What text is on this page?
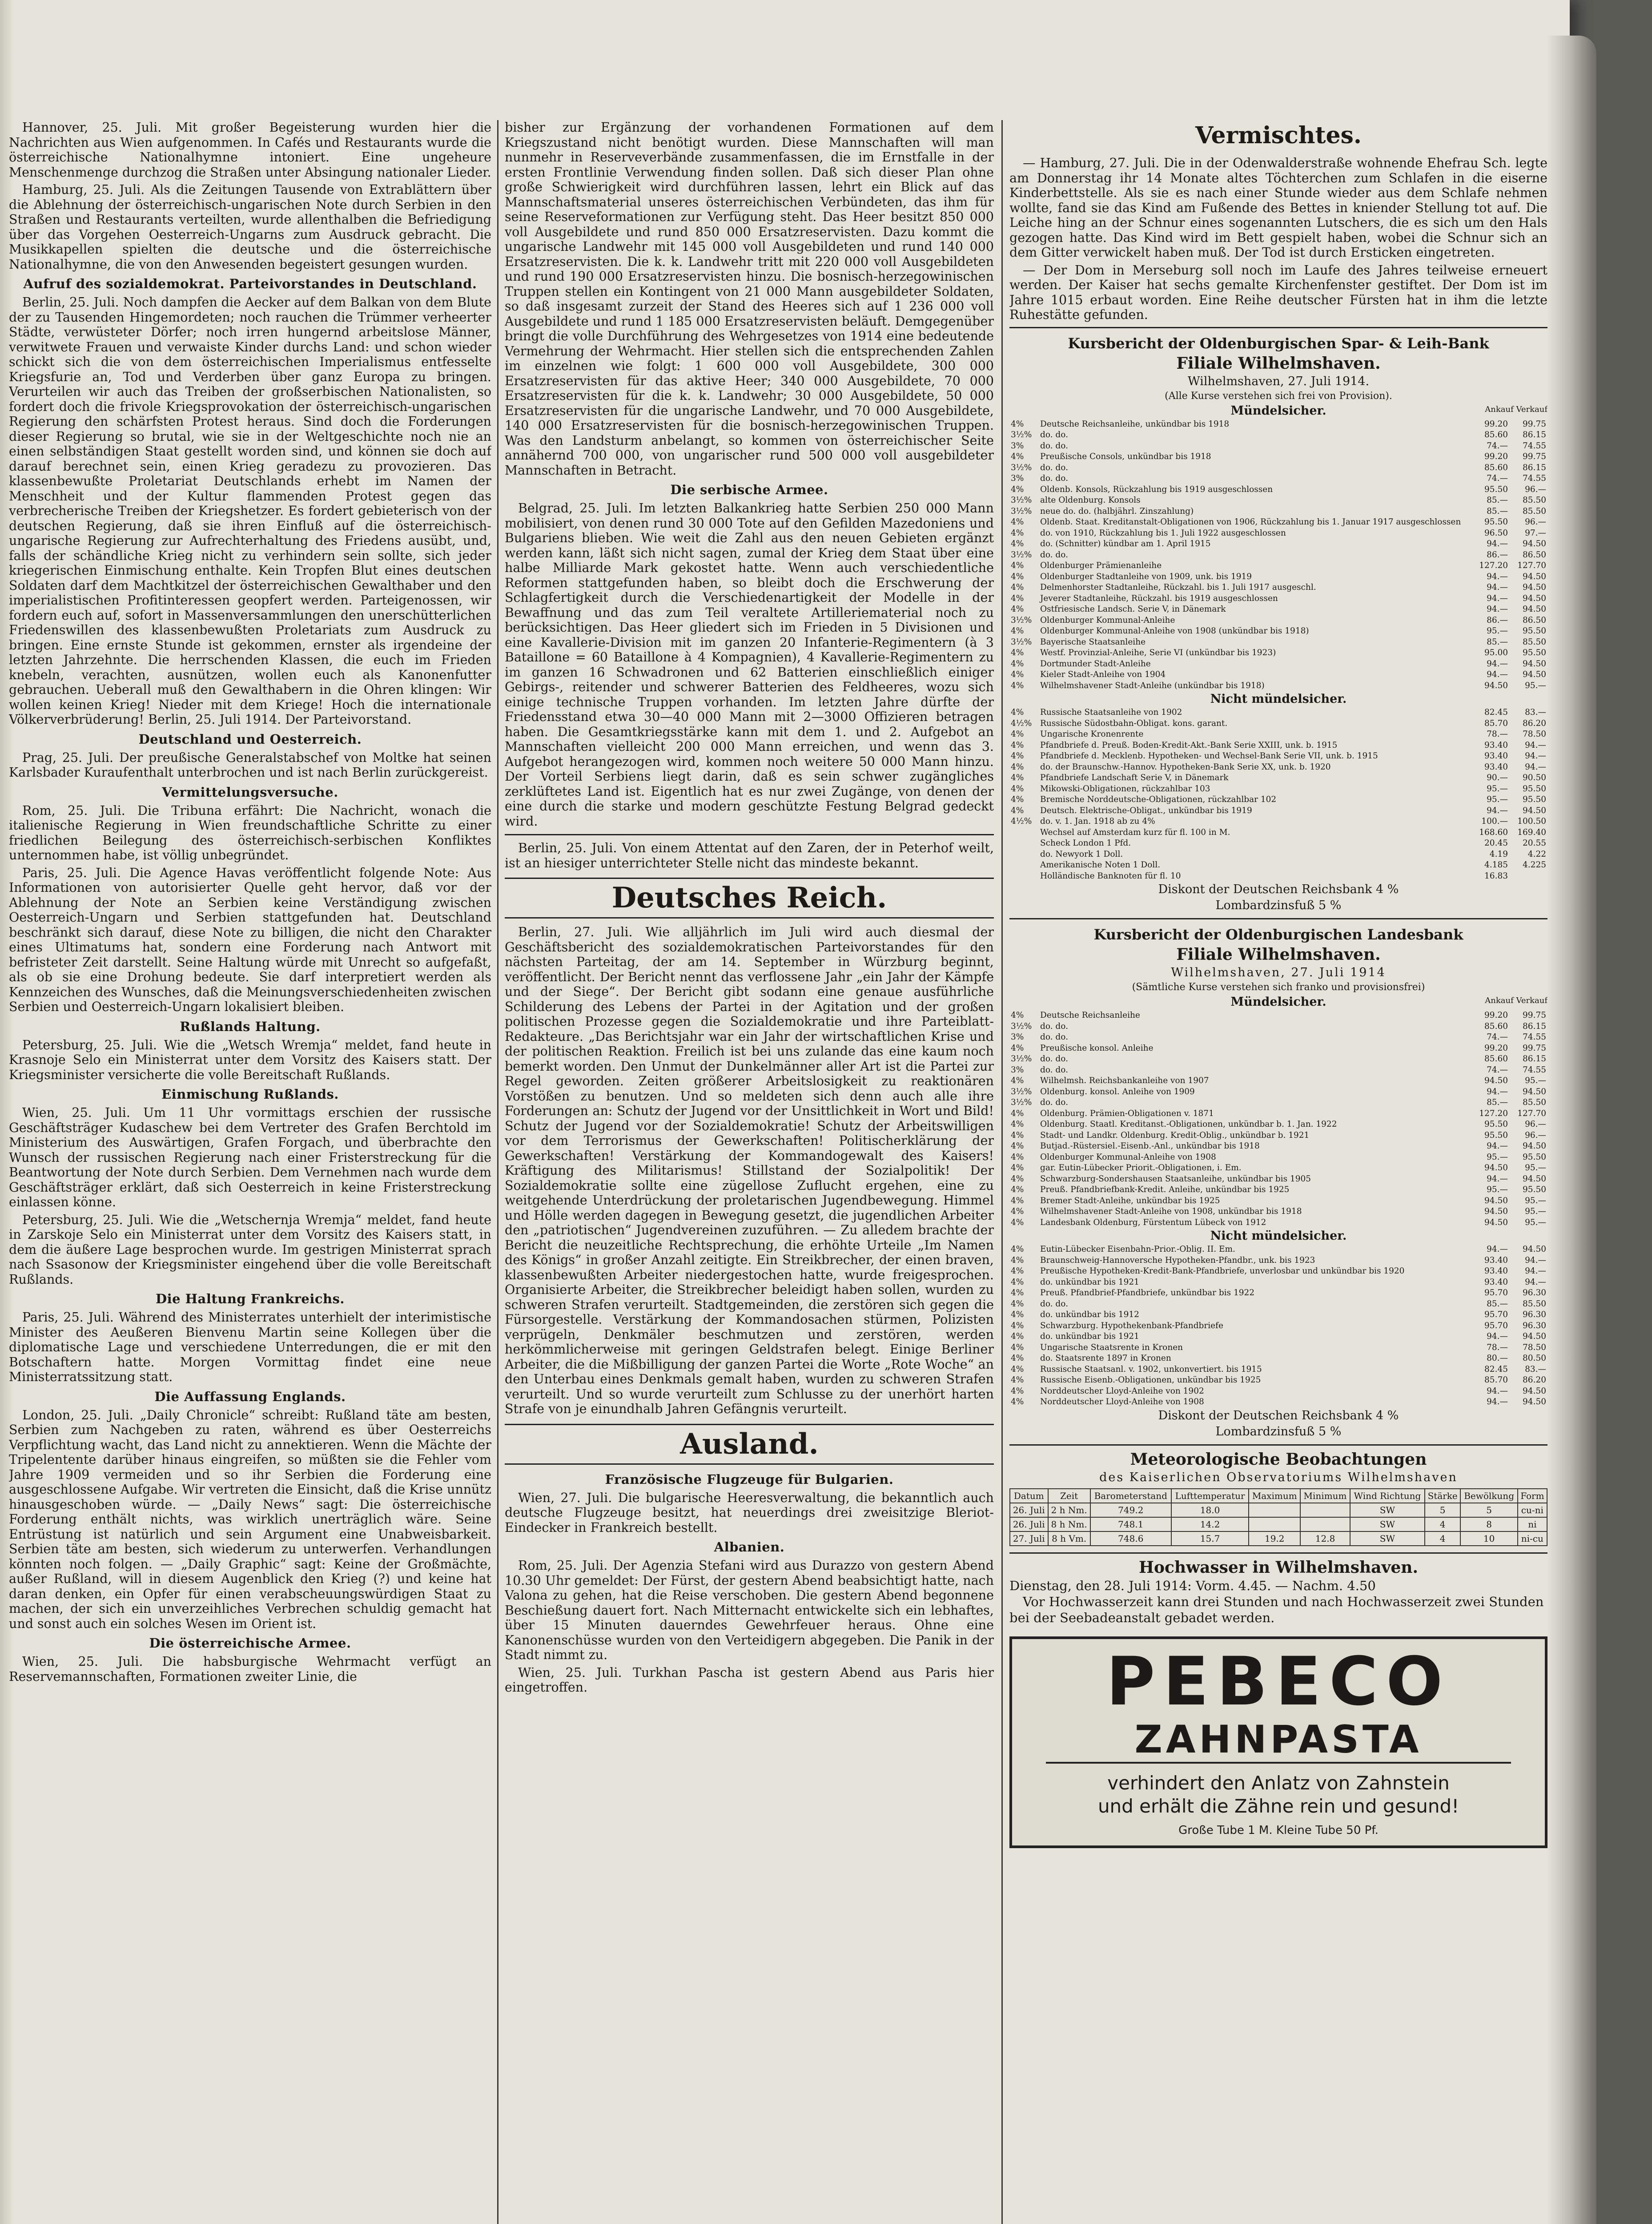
Hannover, 25. Juli. Mit großer Begeisterung wurden hier die Nachrichten aus Wien aufgenommen. In Cafés und Restaurants wurde die österreichische Nationalhymne intoniert. Eine ungeheure Menschenmenge durchzog die Straßen unter Absingung nationaler Lieder.

Hamburg, 25. Juli. Als die Zeitungen Tausende von Extrablättern über die Ablehnung der österreichisch-ungarischen Note durch Serbien in den Straßen und Restaurants verteilten, wurde allenthalben die Befriedigung über das Vorgehen Oesterreich-Ungarns zum Ausdruck gebracht. Die Musikkapellen spielten die deutsche und die österreichische Nationalhymne, die von den Anwesenden begeistert gesungen wurden.

Aufruf des sozialdemokrat. Parteivorstandes in Deutschland.

Berlin, 25. Juli. Noch dampfen die Aecker auf dem Balkan von dem Blute der zu Tausenden Hingemordeten; noch rauchen die Trümmer verheerter Städte, verwüsteter Dörfer; noch irren hungernd arbeitslose Männer, verwitwete Frauen und verwaiste Kinder durchs Land: und schon wieder schickt sich die von dem österreichischen Imperialismus entfesselte Kriegsfurie an, Tod und Verderben über ganz Europa zu bringen. Verurteilen wir auch das Treiben der großserbischen Nationalisten, so fordert doch die frivole Kriegsprovokation der österreichisch-ungarischen Regierung den schärfsten Protest heraus. Sind doch die Forderungen dieser Regierung so brutal, wie sie in der Weltgeschichte noch nie an einen selbständigen Staat gestellt worden sind, und können sie doch auf darauf berechnet sein, einen Krieg geradezu zu provozieren. Das klassenbewußte Proletariat Deutschlands erhebt im Namen der Menschheit und der Kultur flammenden Protest gegen das verbrecherische Treiben der Kriegshetzer. Es fordert gebieterisch von der deutschen Regierung, daß sie ihren Einfluß auf die österreichisch-ungarische Regierung zur Aufrechterhaltung des Friedens ausübt, und, falls der schändliche Krieg nicht zu verhindern sein sollte, sich jeder kriegerischen Einmischung enthalte. Kein Tropfen Blut eines deutschen Soldaten darf dem Machtkitzel der österreichischen Gewalthaber und den imperialistischen Profitinteressen geopfert werden. Parteigenossen, wir fordern euch auf, sofort in Massenversammlungen den unerschütterlichen Friedenswillen des klassenbewußten Proletariats zum Ausdruck zu bringen. Eine ernste Stunde ist gekommen, ernster als irgendeine der letzten Jahrzehnte. Die herrschenden Klassen, die euch im Frieden knebeln, verachten, ausnützen, wollen euch als Kanonenfutter gebrauchen. Ueberall muß den Gewalthabern in die Ohren klingen: Wir wollen keinen Krieg! Nieder mit dem Kriege! Hoch die internationale Völkerverbrüderung! Berlin, 25. Juli 1914. Der Parteivorstand.

Deutschland und Oesterreich.

Prag, 25. Juli. Der preußische Generalstabschef von Moltke hat seinen Karlsbader Kuraufenthalt unterbrochen und ist nach Berlin zurückgereist.

Vermittelungsversuche.

Rom, 25. Juli. Die Tribuna erfährt: Die Nachricht, wonach die italienische Regierung in Wien freundschaftliche Schritte zu einer friedlichen Beilegung des österreichisch-serbischen Konfliktes unternommen habe, ist völlig unbegründet.

Paris, 25. Juli. Die Agence Havas veröffentlicht folgende Note: Aus Informationen von autorisierter Quelle geht hervor, daß vor der Ablehnung der Note an Serbien keine Verständigung zwischen Oesterreich-Ungarn und Serbien stattgefunden hat. Deutschland beschränkt sich darauf, diese Note zu billigen, die nicht den Charakter eines Ultimatums hat, sondern eine Forderung nach Antwort mit befristeter Zeit darstellt. Seine Haltung würde mit Unrecht so aufgefaßt, als ob sie eine Drohung bedeute. Sie darf interpretiert werden als Kennzeichen des Wunsches, daß die Meinungsverschiedenheiten zwischen Serbien und Oesterreich-Ungarn lokalisiert bleiben.

Rußlands Haltung.

Petersburg, 25. Juli. Wie die „Wetsch Wremja“ meldet, fand heute in Krasnoje Selo ein Ministerrat unter dem Vorsitz des Kaisers statt. Der Kriegsminister versicherte die volle Bereitschaft Rußlands.

Einmischung Rußlands.

Wien, 25. Juli. Um 11 Uhr vormittags erschien der russische Geschäftsträger Kudaschew bei dem Vertreter des Grafen Berchtold im Ministerium des Auswärtigen, Grafen Forgach, und überbrachte den Wunsch der russischen Regierung nach einer Fristerstreckung für die Beantwortung der Note durch Serbien. Dem Vernehmen nach wurde dem Geschäftsträger erklärt, daß sich Oesterreich in keine Fristerstreckung einlassen könne.

Petersburg, 25. Juli. Wie die „Wetschernja Wremja“ meldet, fand heute in Zarskoje Selo ein Ministerrat unter dem Vorsitz des Kaisers statt, in dem die äußere Lage besprochen wurde. Im gestrigen Ministerrat sprach nach Ssasonow der Kriegsminister eingehend über die volle Bereitschaft Rußlands.

Die Haltung Frankreichs.

Paris, 25. Juli. Während des Ministerrates unterhielt der interimistische Minister des Aeußeren Bienvenu Martin seine Kollegen über die diplomatische Lage und verschiedene Unterredungen, die er mit den Botschaftern hatte. Morgen Vormittag findet eine neue Ministerratssitzung statt.

Die Auffassung Englands.

London, 25. Juli. „Daily Chronicle“ schreibt: Rußland täte am besten, Serbien zum Nachgeben zu raten, während es über Oesterreichs Verpflichtung wacht, das Land nicht zu annektieren. Wenn die Mächte der Tripelentente darüber hinaus eingreifen, so müßten sie die Fehler vom Jahre 1909 vermeiden und so ihr Serbien die Forderung eine ausgeschlossene Aufgabe. Wir vertreten die Einsicht, daß die Krise unnütz hinausgeschoben würde. — „Daily News“ sagt: Die österreichische Forderung enthält nichts, was wirklich unerträglich wäre. Seine Entrüstung ist natürlich und sein Argument eine Unabweisbarkeit. Serbien täte am besten, sich wiederum zu unterwerfen. Verhandlungen könnten noch folgen. — „Daily Graphic“ sagt: Keine der Großmächte, außer Rußland, will in diesem Augenblick den Krieg (?) und keine hat daran denken, ein Opfer für einen verabscheuungswürdigen Staat zu machen, der sich ein unverzeihliches Verbrechen schuldig gemacht hat und sonst auch ein solches Wesen im Orient ist.

Die österreichische Armee.

Wien, 25. Juli. Die habsburgische Wehrmacht verfügt an Reservemannschaften, Formationen zweiter Linie, die

bisher zur Ergänzung der vorhandenen Formationen auf dem Kriegszustand nicht benötigt wurden. Diese Mannschaften will man nunmehr in Reserveverbände zusammenfassen, die im Ernstfalle in der ersten Frontlinie Verwendung finden sollen. Daß sich dieser Plan ohne große Schwierigkeit wird durchführen lassen, lehrt ein Blick auf das Mannschaftsmaterial unseres österreichischen Verbündeten, das ihm für seine Reserveformationen zur Verfügung steht. Das Heer besitzt 850 000 voll Ausgebildete und rund 850 000 Ersatzreservisten. Dazu kommt die ungarische Landwehr mit 145 000 voll Ausgebildeten und rund 140 000 Ersatzreservisten. Die k. k. Landwehr tritt mit 220 000 voll Ausgebildeten und rund 190 000 Ersatzreservisten hinzu. Die bosnisch-herzegowinischen Truppen stellen ein Kontingent von 21 000 Mann ausgebildeter Soldaten, so daß insgesamt zurzeit der Stand des Heeres sich auf 1 236 000 voll Ausgebildete und rund 1 185 000 Ersatzreservisten beläuft. Demgegenüber bringt die volle Durchführung des Wehrgesetzes von 1914 eine bedeutende Vermehrung der Wehrmacht. Hier stellen sich die entsprechenden Zahlen im einzelnen wie folgt: 1 600 000 voll Ausgebildete, 300 000 Ersatzreservisten für das aktive Heer; 340 000 Ausgebildete, 70 000 Ersatzreservisten für die k. k. Landwehr; 30 000 Ausgebildete, 50 000 Ersatzreservisten für die ungarische Landwehr, und 70 000 Ausgebildete, 140 000 Ersatzreservisten für die bosnisch-herzegowinischen Truppen. Was den Landsturm anbelangt, so kommen von österreichischer Seite annähernd 700 000, von ungarischer rund 500 000 voll ausgebildeter Mannschaften in Betracht.

Die serbische Armee.

Belgrad, 25. Juli. Im letzten Balkankrieg hatte Serbien 250 000 Mann mobilisiert, von denen rund 30 000 Tote auf den Gefilden Mazedoniens und Bulgariens blieben. Wie weit die Zahl aus den neuen Gebieten ergänzt werden kann, läßt sich nicht sagen, zumal der Krieg dem Staat über eine halbe Milliarde Mark gekostet hatte. Wenn auch verschiedentliche Reformen stattgefunden haben, so bleibt doch die Erschwerung der Schlagfertigkeit durch die Verschiedenartigkeit der Modelle in der Bewaffnung und das zum Teil veraltete Artilleriematerial noch zu berücksichtigen. Das Heer gliedert sich im Frieden in 5 Divisionen und eine Kavallerie-Division mit im ganzen 20 Infanterie-Regimentern (à 3 Bataillone = 60 Bataillone à 4 Kompagnien), 4 Kavallerie-Regimentern zu im ganzen 16 Schwadronen und 62 Batterien einschließlich einiger Gebirgs-, reitender und schwerer Batterien des Feldheeres, wozu sich einige technische Truppen vorhanden. Im letzten Jahre dürfte der Friedensstand etwa 30—40 000 Mann mit 2—3000 Offizieren betragen haben. Die Gesamtkriegsstärke kann mit dem 1. und 2. Aufgebot an Mannschaften vielleicht 200 000 Mann erreichen, und wenn das 3. Aufgebot herangezogen wird, kommen noch weitere 50 000 Mann hinzu. Der Vorteil Serbiens liegt darin, daß es sein schwer zugängliches zerklüftetes Land ist. Eigentlich hat es nur zwei Zugänge, von denen der eine durch die starke und modern geschützte Festung Belgrad gedeckt wird.

Berlin, 25. Juli. Von einem Attentat auf den Zaren, der in Peterhof weilt, ist an hiesiger unterrichteter Stelle nicht das mindeste bekannt.

Deutsches Reich.

Berlin, 27. Juli. Wie alljährlich im Juli wird auch diesmal der Geschäftsbericht des sozialdemokratischen Parteivorstandes für den nächsten Parteitag, der am 14. September in Würzburg beginnt, veröffentlicht. Der Bericht nennt das verflossene Jahr „ein Jahr der Kämpfe und der Siege“. Der Bericht gibt sodann eine genaue ausführliche Schilderung des Lebens der Partei in der Agitation und der großen politischen Prozesse gegen die Sozialdemokratie und ihre Parteiblatt-Redakteure. „Das Berichtsjahr war ein Jahr der wirtschaftlichen Krise und der politischen Reaktion. Freilich ist bei uns zulande das eine kaum noch bemerkt worden. Den Unmut der Dunkelmänner aller Art ist die Partei zur Regel geworden. Zeiten größerer Arbeitslosigkeit zu reaktionären Vorstößen zu benutzen. Und so meldeten sich denn auch alle ihre Forderungen an: Schutz der Jugend vor der Unsittlichkeit in Wort und Bild! Schutz der Jugend vor der Sozialdemokratie! Schutz der Arbeitswilligen vor dem Terrorismus der Gewerkschaften! Politischerklärung der Gewerkschaften! Verstärkung der Kommandogewalt des Kaisers! Kräftigung des Militarismus! Stillstand der Sozialpolitik! Der Sozialdemokratie sollte eine zügellose Zuflucht ergehen, eine zu weitgehende Unterdrückung der proletarischen Jugendbewegung. Himmel und Hölle werden dagegen in Bewegung gesetzt, die jugendlichen Arbeiter den „patriotischen“ Jugendvereinen zuzuführen. — Zu alledem brachte der Bericht die neuzeitliche Rechtsprechung, die erhöhte Urteile „Im Namen des Königs“ in großer Anzahl zeitigte. Ein Streikbrecher, der einen braven, klassenbewußten Arbeiter niedergestochen hatte, wurde freigesprochen. Organisierte Arbeiter, die Streikbrecher beleidigt haben sollen, wurden zu schweren Strafen verurteilt. Stadtgemeinden, die zerstören sich gegen die Fürsorgestelle. Verstärkung der Kommandosachen stürmen, Polizisten verprügeln, Denkmäler beschmutzen und zerstören, werden herkömmlicherweise mit geringen Geldstrafen belegt. Einige Berliner Arbeiter, die die Mißbilligung der ganzen Partei die Worte „Rote Woche“ an den Unterbau eines Denkmals gemalt haben, wurden zu schweren Strafen verurteilt. Und so wurde verurteilt zum Schlusse zu der unerhört harten Strafe von je einundhalb Jahren Gefängnis verurteilt.

Ausland.
Französische Flugzeuge für Bulgarien.

Wien, 27. Juli. Die bulgarische Heeresverwaltung, die bekanntlich auch deutsche Flugzeuge besitzt, hat neuerdings drei zweisitzige Bleriot-Eindecker in Frankreich bestellt.

Albanien.

Rom, 25. Juli. Der Agenzia Stefani wird aus Durazzo von gestern Abend 10.30 Uhr gemeldet: Der Fürst, der gestern Abend beabsichtigt hatte, nach Valona zu gehen, hat die Reise verschoben. Die gestern Abend begonnene Beschießung dauert fort. Nach Mitternacht entwickelte sich ein lebhaftes, über 15 Minuten dauerndes Gewehrfeuer heraus. Ohne eine Kanonenschüsse wurden von den Verteidigern abgegeben. Die Panik in der Stadt nimmt zu.

Wien, 25. Juli. Turkhan Pascha ist gestern Abend aus Paris hier eingetroffen.

Vermischtes.

— Hamburg, 27. Juli. Die in der Odenwalderstraße wohnende Ehefrau Sch. legte am Donnerstag ihr 14 Monate altes Töchterchen zum Schlafen in die eiserne Kinderbettstelle. Als sie es nach einer Stunde wieder aus dem Schlafe nehmen wollte, fand sie das Kind am Fußende des Bettes in kniender Stellung tot auf. Die Leiche hing an der Schnur eines sogenannten Lutschers, die es sich um den Hals gezogen hatte. Das Kind wird im Bett gespielt haben, wobei die Schnur sich an dem Gitter verwickelt haben muß. Der Tod ist durch Ersticken eingetreten.

— Der Dom in Merseburg soll noch im Laufe des Jahres teilweise erneuert werden. Der Kaiser hat sechs gemalte Kirchenfenster gestiftet. Der Dom ist im Jahre 1015 erbaut worden. Eine Reihe deutscher Fürsten hat in ihm die letzte Ruhestätte gefunden.

Kursbericht der Oldenburgischen Spar- & Leih-Bank
Filiale Wilhelmshaven.
Wilhelmshaven, 27. Juli 1914.
(Alle Kurse verstehen sich frei von Provision).
Mündelsicher.	Ankauf Verkauf
4%	Deutsche Reichsanleihe, unkündbar bis 1918	99.20	99.75
3½%	do. do.	85.60	86.15
3%	do. do.	74.—	74.55
4%	Preußische Consols, unkündbar bis 1918	99.20	99.75
3½%	do. do.	85.60	86.15
3%	do. do.	74.—	74.55
4%	Oldenb. Konsols, Rückzahlung bis 1919 ausgeschlossen	95.50	96.—
3½%	alte Oldenburg. Konsols	85.—	85.50
3½%	neue do. do. (halbjährl. Zinszahlung)	85.—	85.50
4%	Oldenb. Staat. Kreditanstalt-Obligationen von 1906, Rückzahlung bis 1. Januar 1917 ausgeschlossen	95.50	96.—
4%	do. von 1910, Rückzahlung bis 1. Juli 1922 ausgeschlossen	96.50	97.—
4%	do. (Schnitter) kündbar am 1. April 1915	94.—	94.50
3½%	do. do.	86.—	86.50
4%	Oldenburger Prämienanleihe	127.20	127.70
4%	Oldenburger Stadtanleihe von 1909, unk. bis 1919	94.—	94.50
4%	Delmenhorster Stadtanleihe, Rückzahl. bis 1. Juli 1917 ausgeschl.	94.—	94.50
4%	Jeverer Stadtanleihe, Rückzahl. bis 1919 ausgeschlossen	94.—	94.50
4%	Ostfriesische Landsch. Serie V, in Dänemark	94.—	94.50
3½%	Oldenburger Kommunal-Anleihe	86.—	86.50
4%	Oldenburger Kommunal-Anleihe von 1908 (unkündbar bis 1918)	95.—	95.50
3½%	Bayerische Staatsanleihe	85.—	85.50
4%	Westf. Provinzial-Anleihe, Serie VI (unkündbar bis 1923)	95.00	95.50
4%	Dortmunder Stadt-Anleihe	94.—	94.50
4%	Kieler Stadt-Anleihe von 1904	94.—	94.50
4%	Wilhelmshavener Stadt-Anleihe (unkündbar bis 1918)	94.50	95.—
Nicht mündelsicher.
4%	Russische Staatsanleihe von 1902	82.45	83.—
4½%	Russische Südostbahn-Obligat. kons. garant.	85.70	86.20
4%	Ungarische Kronenrente	78.—	78.50
4%	Pfandbriefe d. Preuß. Boden-Kredit-Akt.-Bank Serie XXIII, unk. b. 1915	93.40	94.—
4%	Pfandbriefe d. Mecklenb. Hypotheken- und Wechsel-Bank Serie VII, unk. b. 1915	93.40	94.—
4%	do. der Braunschw.-Hannov. Hypotheken-Bank Serie XX, unk. b. 1920	93.40	94.—
4%	Pfandbriefe Landschaft Serie V, in Dänemark	90.—	90.50
4%	Mikowski-Obligationen, rückzahlbar 103	95.—	95.50
4%	Bremische Norddeutsche-Obligationen, rückzahlbar 102	95.—	95.50
4%	Deutsch. Elektrische-Obligat., unkündbar bis 1919	94.—	94.50
4½%	do. v. 1. Jan. 1918 ab zu 4%	100.—	100.50
	Wechsel auf Amsterdam kurz für fl. 100 in M.	168.60	169.40
	Scheck London 1 Pfd.	20.45	20.55
	do. Newyork 1 Doll.	4.19	4.22
	Amerikanische Noten 1 Doll.	4.185	4.225
	Holländische Banknoten für fl. 10	16.83	
Diskont der Deutschen Reichsbank 4 %
Lombardzinsfuß 5 %
Kursbericht der Oldenburgischen Landesbank
Filiale Wilhelmshaven.
Wilhelmshaven, 27. Juli 1914
(Sämtliche Kurse verstehen sich franko und provisionsfrei)
Mündelsicher.	Ankauf Verkauf
4%	Deutsche Reichsanleihe	99.20	99.75
3½%	do. do.	85.60	86.15
3%	do. do.	74.—	74.55
4%	Preußische konsol. Anleihe	99.20	99.75
3½%	do. do.	85.60	86.15
3%	do. do.	74.—	74.55
4%	Wilhelmsh. Reichsbankanleihe von 1907	94.50	95.—
3½%	Oldenburg. konsol. Anleihe von 1909	94.—	94.50
3½%	do. do.	85.—	85.50
4%	Oldenburg. Prämien-Obligationen v. 1871	127.20	127.70
4%	Oldenburg. Staatl. Kreditanst.-Obligationen, unkündbar b. 1. Jan. 1922	95.50	96.—
4%	Stadt- und Landkr. Oldenburg. Kredit-Oblig., unkündbar b. 1921	95.50	96.—
4%	Butjad.-Rüstersiel.-Eisenb.-Anl., unkündbar bis 1918	94.—	94.50
4%	Oldenburger Kommunal-Anleihe von 1908	95.—	95.50
4%	gar. Eutin-Lübecker Priorit.-Obligationen, i. Em.	94.50	95.—
4%	Schwarzburg-Sondershausen Staatsanleihe, unkündbar bis 1905	94.—	94.50
4%	Preuß. Pfandbriefbank-Kredit. Anleihe, unkündbar bis 1925	95.—	95.50
4%	Bremer Stadt-Anleihe, unkündbar bis 1925	94.50	95.—
4%	Wilhelmshavener Stadt-Anleihe von 1908, unkündbar bis 1918	94.50	95.—
4%	Landesbank Oldenburg, Fürstentum Lübeck von 1912	94.50	95.—
Nicht mündelsicher.
4%	Eutin-Lübecker Eisenbahn-Prior.-Oblig. II. Em.	94.—	94.50
4%	Braunschweig-Hannoversche Hypotheken-Pfandbr., unk. bis 1923	93.40	94.—
4%	Preußische Hypotheken-Kredit-Bank-Pfandbriefe, unverlosbar und unkündbar bis 1920	93.40	94.—
4%	do. unkündbar bis 1921	93.40	94.—
4%	Preuß. Pfandbrief-Pfandbriefe, unkündbar bis 1922	95.70	96.30
4%	do. do.	85.—	85.50
4%	do. unkündbar bis 1912	95.70	96.30
4%	Schwarzburg. Hypothekenbank-Pfandbriefe	95.70	96.30
4%	do. unkündbar bis 1921	94.—	94.50
4%	Ungarische Staatsrente in Kronen	78.—	78.50
4%	do. Staatsrente 1897 in Kronen	80.—	80.50
4%	Russische Staatsanl. v. 1902, unkonvertiert. bis 1915	82.45	83.—
4%	Russische Eisenb.-Obligationen, unkündbar bis 1925	85.70	86.20
4%	Norddeutscher Lloyd-Anleihe von 1902	94.—	94.50
4%	Norddeutscher Lloyd-Anleihe von 1908	94.—	94.50
Diskont der Deutschen Reichsbank 4 %
Lombardzinsfuß 5 %
Meteorologische Beobachtungen
des Kaiserlichen Observatoriums Wilhelmshaven
Datum	Zeit	Barometerstand	Lufttemperatur	Maximum	Minimum	Wind Richtung	Stärke	Bewölkung	Form
26. Juli	2 h Nm.	749.2	18.0			SW	5	5	cu-ni
26. Juli	8 h Nm.	748.1	14.2			SW	4	8	ni
27. Juli	8 h Vm.	748.6	15.7	19.2	12.8	SW	4	10	ni-cu
Hochwasser in Wilhelmshaven.
Dienstag, den 28. Juli 1914: Vorm. 4.45. — Nachm. 4.50
Vor Hochwasserzeit kann drei Stunden und nach Hochwasserzeit zwei Stunden bei der Seebadeanstalt gebadet werden.
PEBECO
ZAHNPASTA
verhindert den Anlatz von Zahnstein
und erhält die Zähne rein und gesund!
Große Tube 1 M. Kleine Tube 50 Pf.
